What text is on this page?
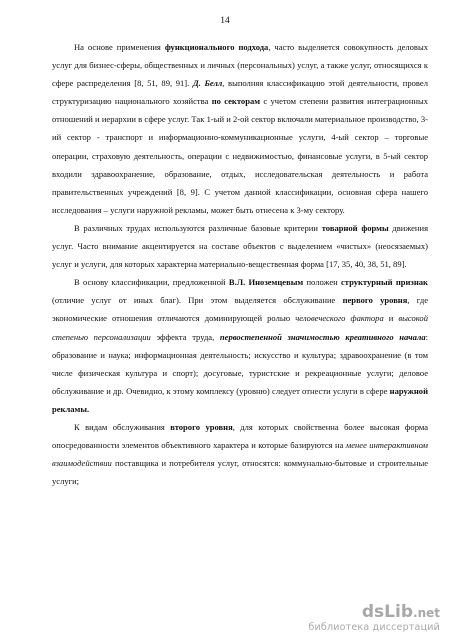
14

На основе применения функционального подхода, часто выделяется совокупность деловых услуг для бизнес-сферы, общественных и личных (персональных) услуг, а также услуг, относящихся к сфере распределения [8, 51, 89, 91]. Д. Белл, выполняя классификацию этой деятельности, провел структуризацию национального хозяйства по секторам с учетом степени развития интеграционных отношений и иерархии в сфере услуг. Так 1-ый и 2-ой сектор включали материальное производство, 3-ий сектор - транспорт и информационно-коммуникационные услуги, 4-ый сектор – торговые операции, страховую деятельность, операции с недвижимостью, финансовые услуги, в 5-ый сектор входили здравоохранение, образование, отдых, исследовательская деятельность и работа правительственных учреждений [8, 9]. С учетом данной классификации, основная сфера нашего исследования – услуги наружной рекламы, может быть отнесена к 3-му сектору.

В различных трудах используются различные базовые критерии товарной формы движения услуг. Часто внимание акцентируется на составе объектов с выделением «чистых» (неосязаемых) услуг и услуги, для которых характерна материально-вещественная форма [17, 35, 40, 38, 51, 89].

В основу классификации, предложенной В.Л. Иноземцевым положен структурный признак (отличие услуг от иных благ). При этом выделяется обслуживание первого уровня, где экономические отношения отличаются доминирующей ролью человеческого фактора и высокой степенью персонализации эффекта труда, первостепенной значимостью креативного начала: образование и наука; информационная деятельность; искусство и культура; здравоохранение (в том числе физическая культура и спорт); досуговые, туристские и рекреационные услуги; деловое обслуживание и др. Очевидно, к этому комплексу (уровню) следует отнести услуги в сфере наружной рекламы.

К видам обслуживания второго уровня, для которых свойственна более высокая форма опосредованности элементов объективного характера и которые базируются на менее интерактивном взаимодействии поставщика и потребителя услуг, относятся: коммунально-бытовые и строительные услуги;

dsLib.net
библиотека диссертаций
